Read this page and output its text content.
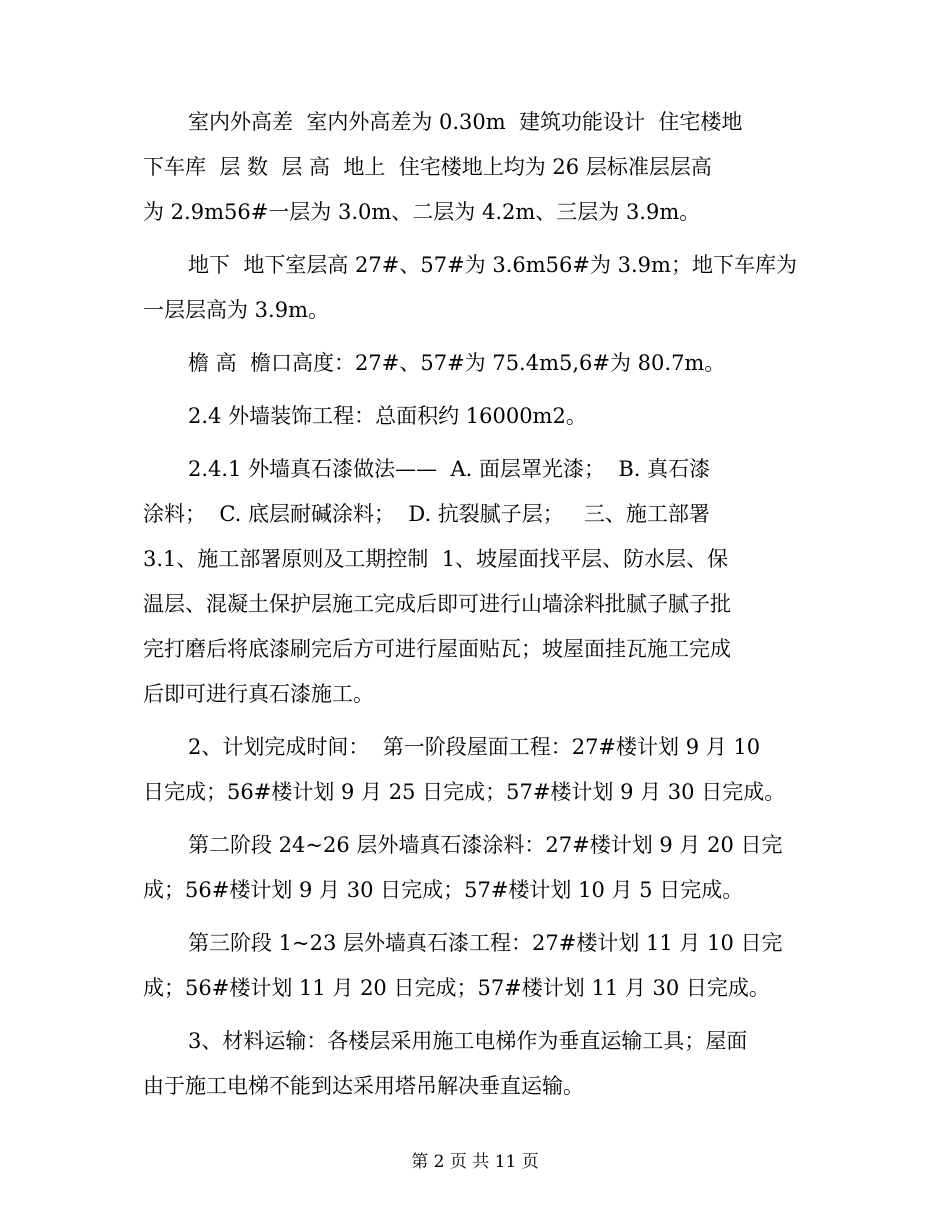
室内外高差  室内外高差为 0.30m  建筑功能设计  住宅楼地
下车库  层 数  层 高  地上  住宅楼地上均为 26 层标准层层高
为 2.9m56#一层为 3.0m、二层为 4.2m、三层为 3.9m。
地下  地下室层高 27#、57#为 3.6m56#为 3.9m；地下车库为
一层层高为 3.9m。
檐 高  檐口高度：27#、57#为 75.4m5,6#为 80.7m。
2.4 外墙装饰工程：总面积约 16000m2。
2.4.1 外墙真石漆做法——  A. 面层罩光漆；  B. 真石漆
涂料；  C. 底层耐碱涂料；  D. 抗裂腻子层；   三、施工部署
3.1、施工部署原则及工期控制  1、坡屋面找平层、防水层、保
温层、混凝土保护层施工完成后即可进行山墙涂料批腻子腻子批
完打磨后将底漆刷完后方可进行屋面贴瓦；坡屋面挂瓦施工完成
后即可进行真石漆施工。
2、计划完成时间：  第一阶段屋面工程：27#楼计划 9 月 10
日完成；56#楼计划 9 月 25 日完成；57#楼计划 9 月 30 日完成。
第二阶段 24~26 层外墙真石漆涂料：27#楼计划 9 月 20 日完
成；56#楼计划 9 月 30 日完成；57#楼计划 10 月 5 日完成。
第三阶段 1~23 层外墙真石漆工程：27#楼计划 11 月 10 日完
成；56#楼计划 11 月 20 日完成；57#楼计划 11 月 30 日完成。
3、材料运输：各楼层采用施工电梯作为垂直运输工具；屋面
由于施工电梯不能到达采用塔吊解决垂直运输。
第 2 页 共 11 页
